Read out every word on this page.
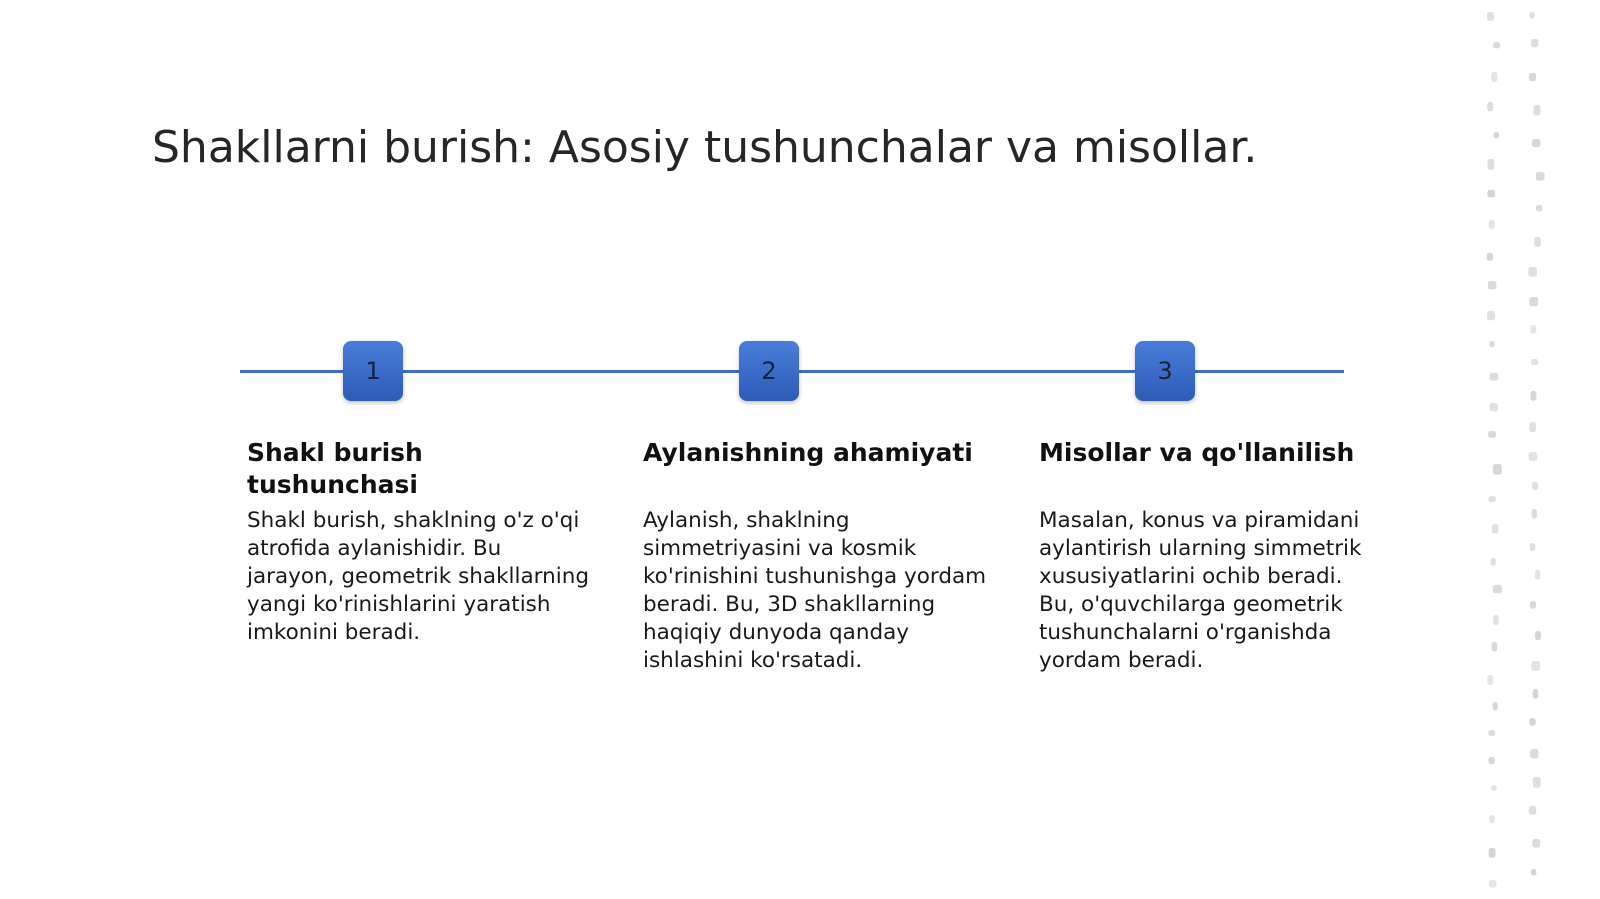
Shakllarni burish: Asosiy tushunchalar va misollar.
1	2	3
Shakl burish tushunchasi
Shakl burish, shaklning o'z o'qi atrofida aylanishidir. Bu jarayon, geometrik shakllarning yangi ko'rinishlarini yaratish imkonini beradi.
Aylanishning ahamiyati
Aylanish, shaklning simmetriyasini va kosmik ko'rinishini tushunishga yordam beradi. Bu, 3D shakllarning haqiqiy dunyoda qanday ishlashini ko'rsatadi.
Misollar va qo'llanilish
Masalan, konus va piramidani aylantirish ularning simmetrik xususiyatlarini ochib beradi. Bu, o'quvchilarga geometrik tushunchalarni o'rganishda yordam beradi.
